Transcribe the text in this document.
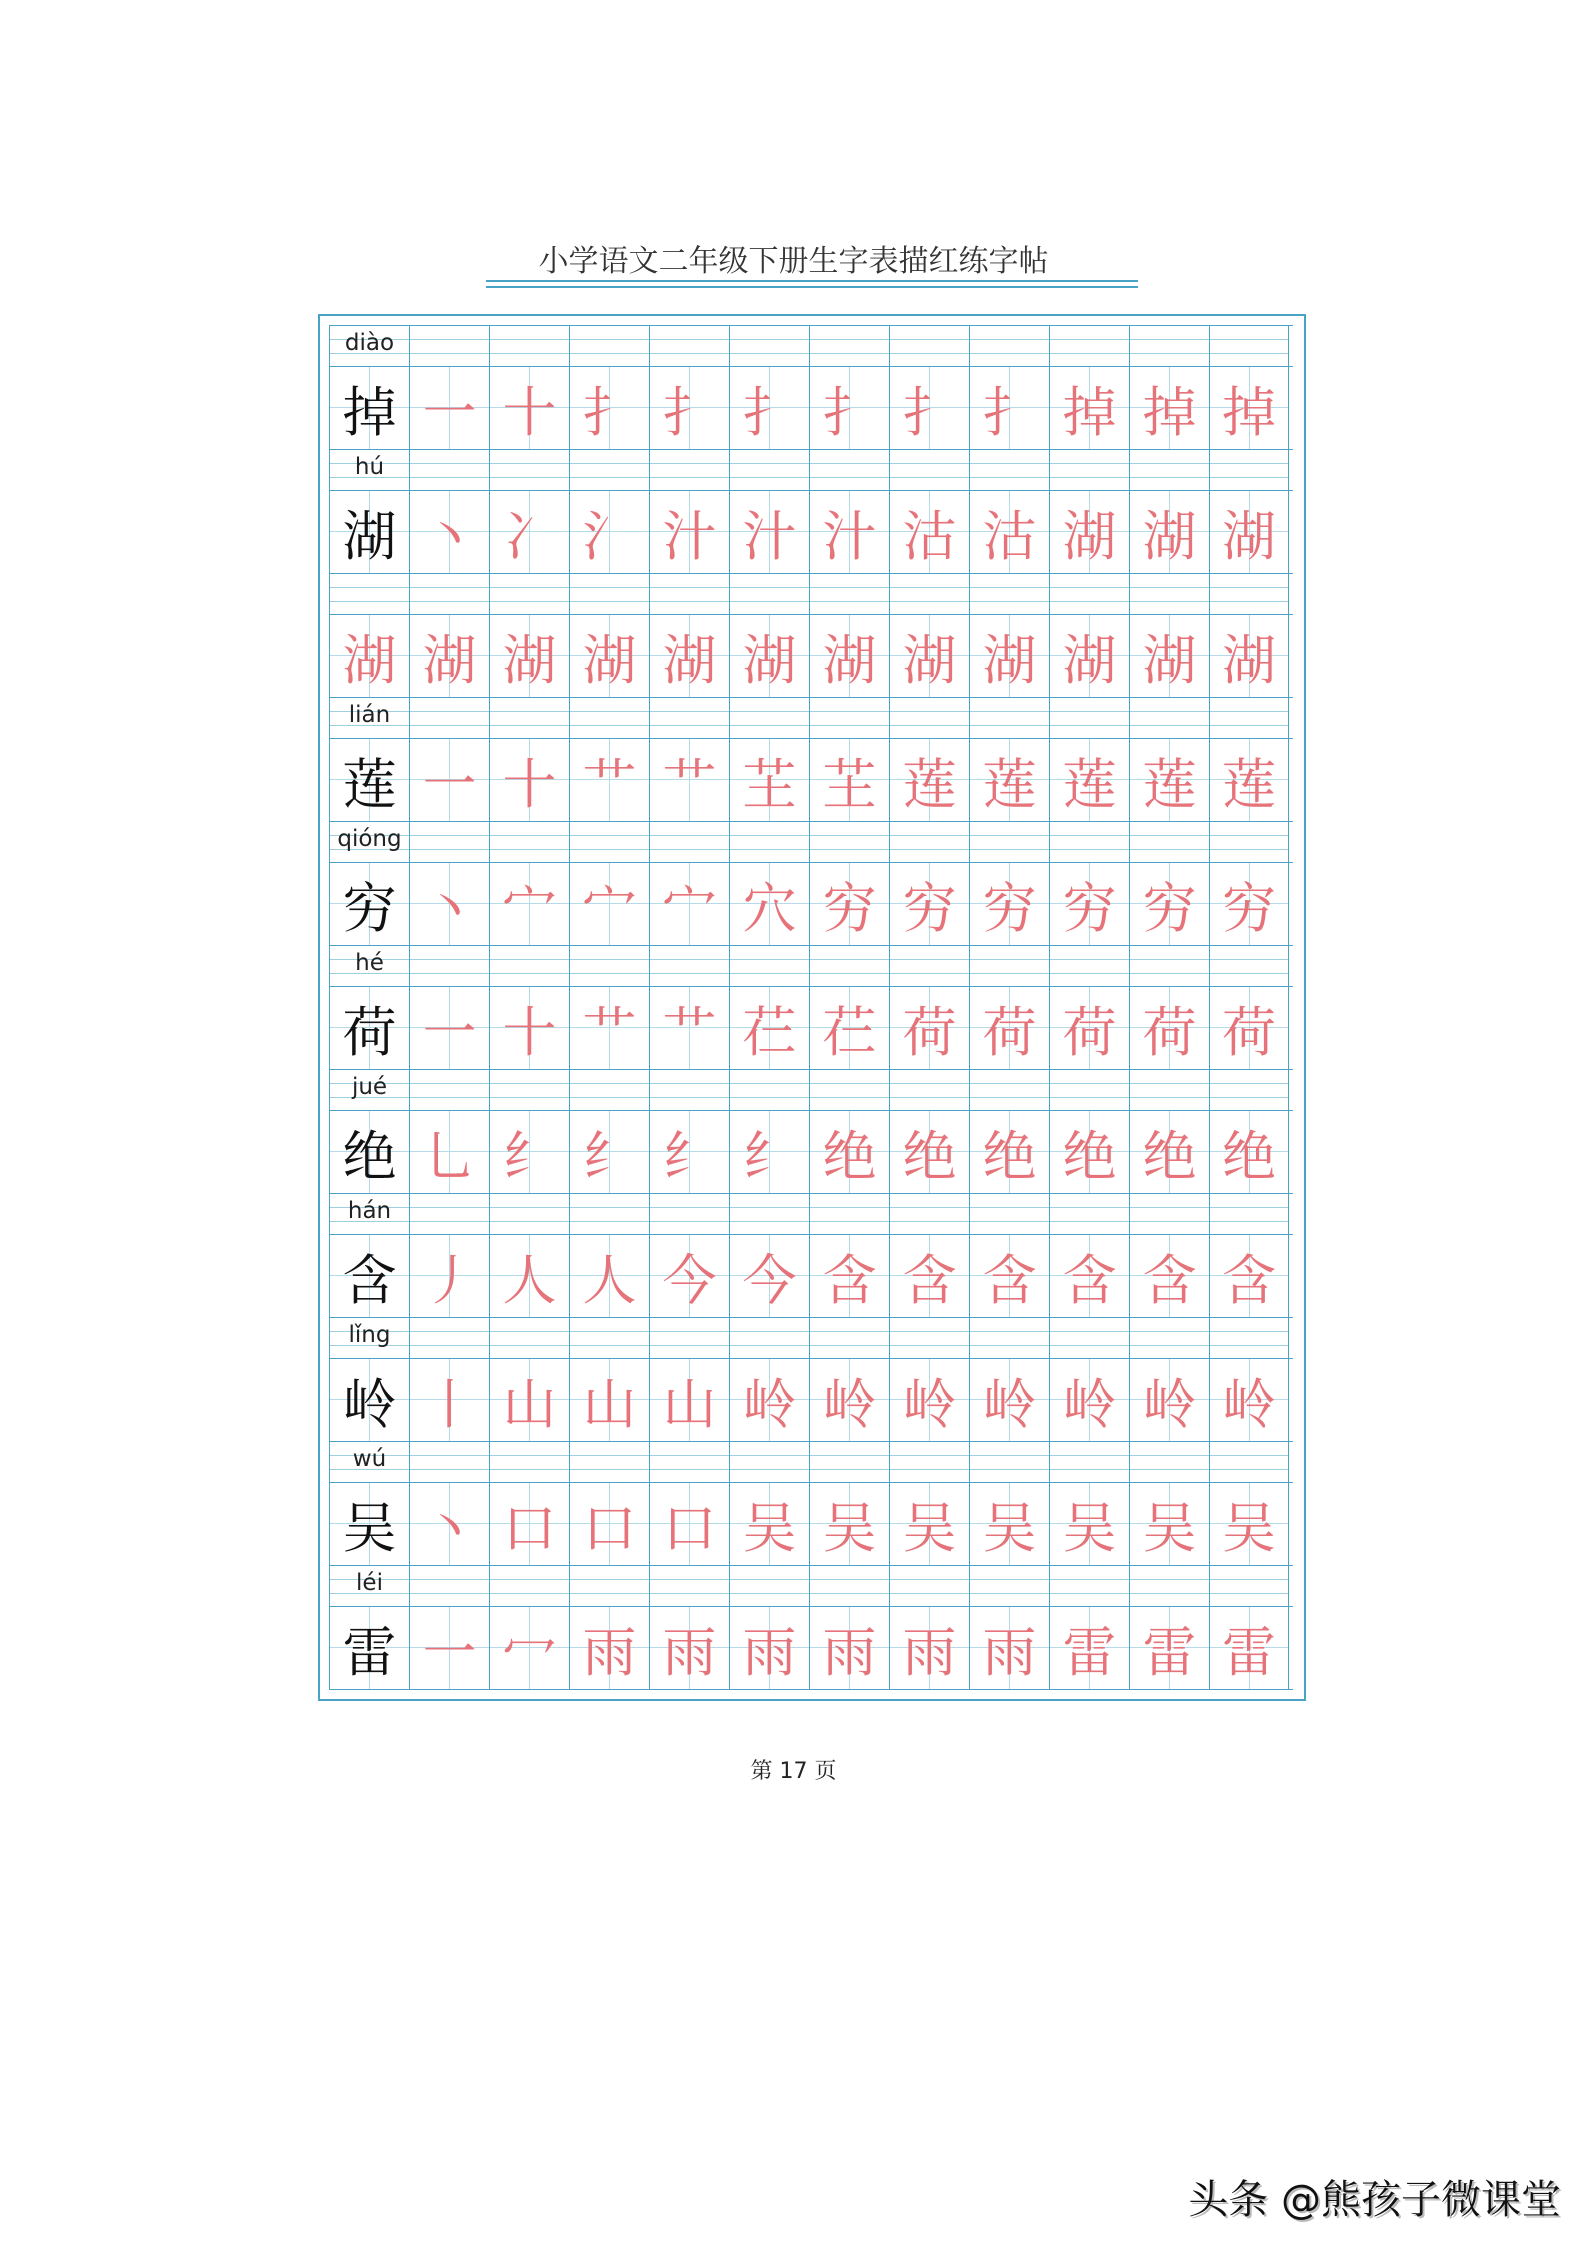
小学语文二年级下册生字表描红练字帖
diào
掉 一 十 扌 扌 扌 扌 扌 扌 掉 掉 掉
hú
湖 丶 冫 氵 汁 汁 汁 沽 沽 湖 湖 湖
湖 湖 湖 湖 湖 湖 湖 湖 湖 湖 湖 湖
lián
莲 一 十 艹 艹 芏 芏 莲 莲 莲 莲 莲
qióng
穷 丶 宀 宀 宀 穴 穷 穷 穷 穷 穷 穷
hé
荷 一 十 艹 艹 芢 芢 荷 荷 荷 荷 荷
jué
绝 乚 纟 纟 纟 纟 绝 绝 绝 绝 绝 绝
hán
含 丿 人 人 今 今 含 含 含 含 含 含
lǐng
岭 丨 山 山 山 岭 岭 岭 岭 岭 岭 岭
wú
吴 丶 口 口 口 吴 吴 吴 吴 吴 吴 吴
léi
雷 一 冖 雨 雨 雨 雨 雨 雨 雷 雷 雷
第 17 页
头条 @熊孩子微课堂
